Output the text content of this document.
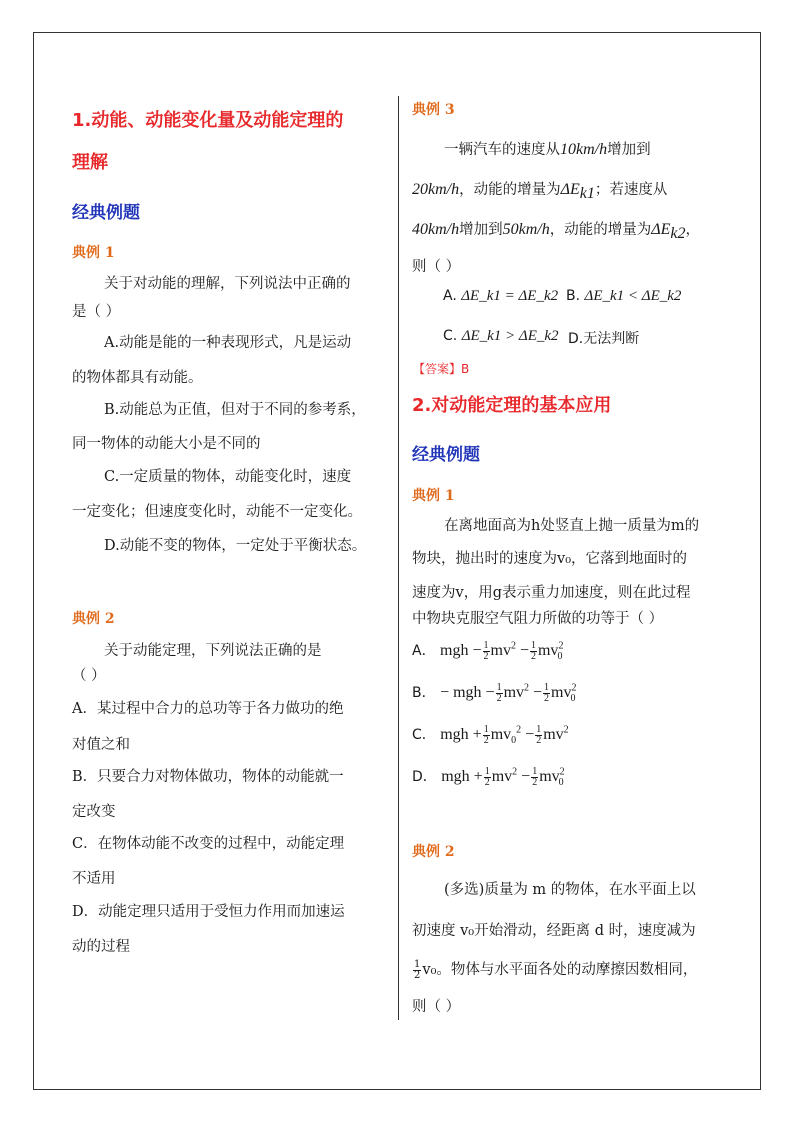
1.动能、动能变化量及动能定理的
理解
经典例题
典例 1
关于对动能的理解，下列说法中正确的
是（ ）
A.动能是能的一种表现形式，凡是运动
的物体都具有动能。
B.动能总为正值，但对于不同的参考系，
同一物体的动能大小是不同的
C.一定质量的物体，动能变化时，速度
一定变化；但速度变化时，动能不一定变化。
D.动能不变的物体，一定处于平衡状态。
典例 2
关于动能定理，下列说法正确的是
（ ）
A．某过程中合力的总功等于各力做功的绝
对值之和
B．只要合力对物体做功，物体的动能就一
定改变
C．在物体动能不改变的过程中，动能定理
不适用
D．动能定理只适用于受恒力作用而加速运
动的过程
典例 3
一辆汽车的速度从10km/h增加到
20km/h，动能的增量为$\Delta E_{k1}$；若速度从
40km/h增加到50km/h，动能的增量为$\Delta E_{k2}$，
则（ ）
A. ΔE_k1 = ΔE_k2 B. ΔE_k1 < ΔE_k2
C. ΔE_k1 > ΔE_k2 D.无法判断
【答案】B
2.对动能定理的基本应用
经典例题
典例 1
在离地面高为h处竖直上抛一质量为m的
物块，抛出时的速度为v₀，它落到地面时的
速度为v，用g表示重力加速度，则在此过程
中物块克服空气阻力所做的功等于（ ）
A． mgh − $\frac{1}{2} mv^2 - \frac{1}{2} mv^2_0$
B． − mgh − $\frac{1}{2} mv^2 - \frac{1}{2} mv^2_0$
C． mgh + $\frac{1}{2} mv_0^2 - \frac{1}{2} mv^2$
D． mgh + $\frac{1}{2} mv^2 - \frac{1}{2} mv^2_0$
典例 2
(多选)质量为 m 的物体，在水平面上以
初速度 v₀开始滑动，经距离 d 时，速度减为
$\frac{1}{2} v_0$。物体与水平面各处的动摩擦因数相同，
则（ ）
